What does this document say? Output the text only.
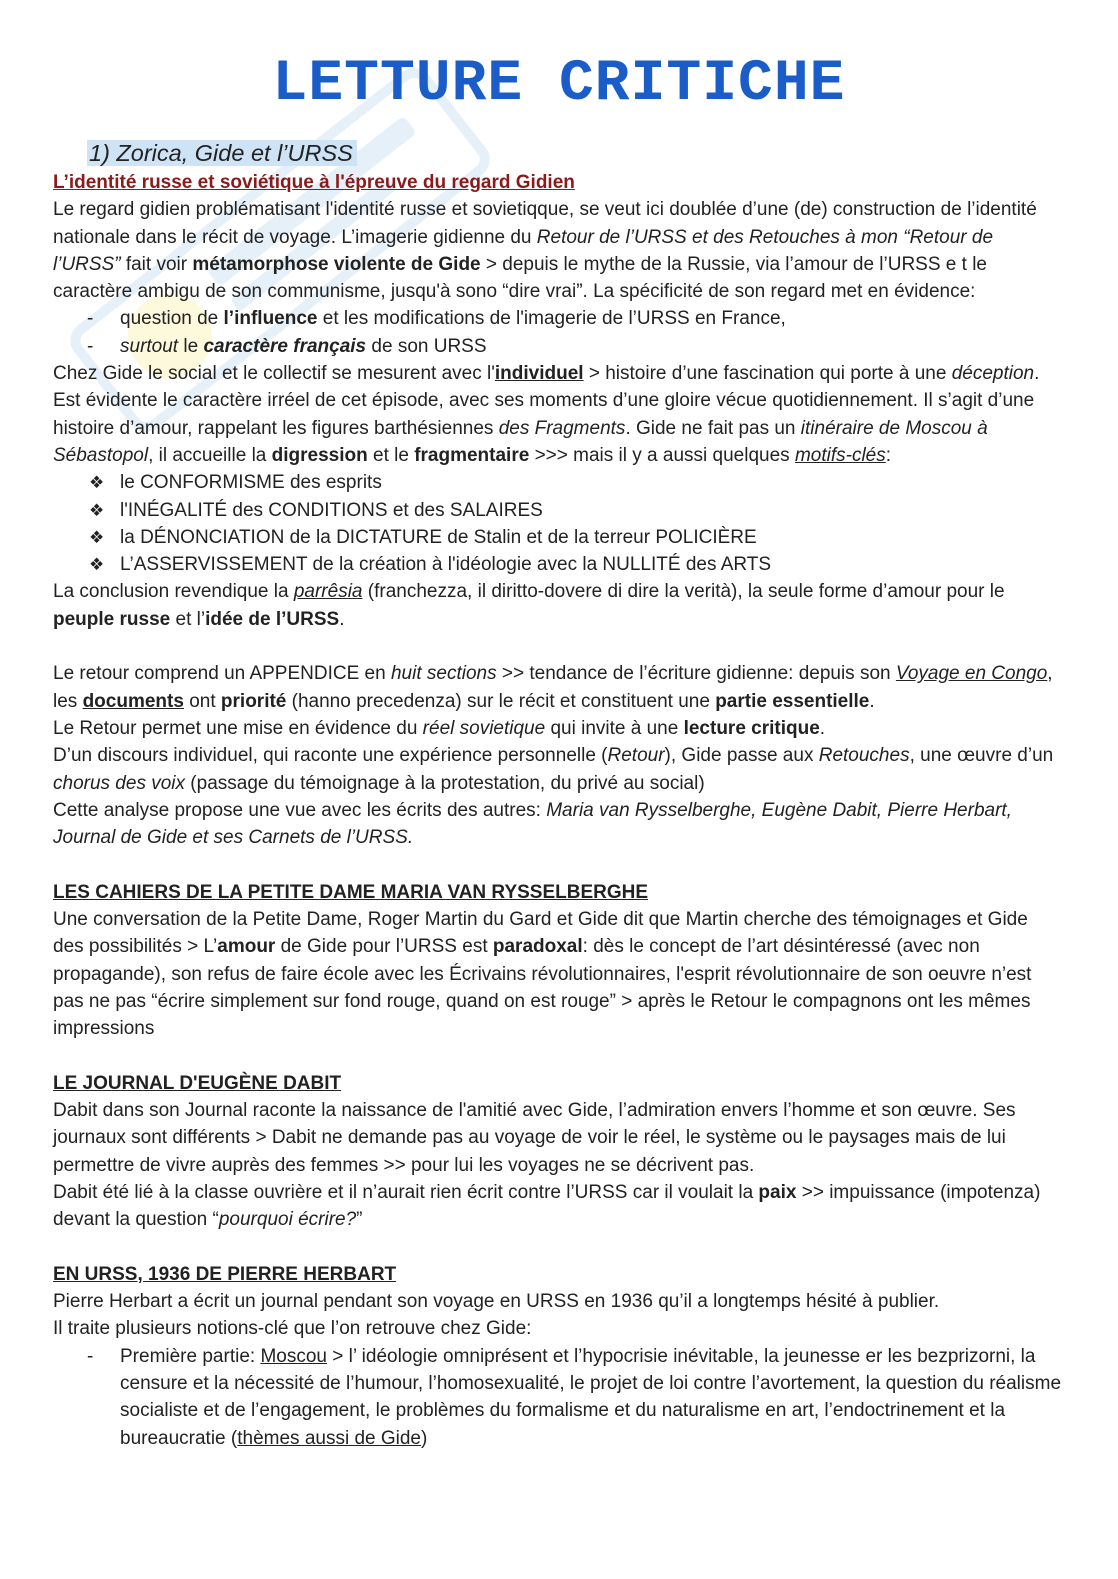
LETTURE CRITICHE
1) Zorica, Gide et l’URSS

L’identité russe et soviétique à l'épreuve du regard Gidien

Le regard gidien problématisant l'identité russe et sovietiqque, se veut ici doublée d’une (de) construction de l’identité nationale dans le récit de voyage. L’imagerie gidienne du Retour de l’URSS et des Retouches à mon “Retour de l’URSS” fait voir métamorphose violente de Gide > depuis le mythe de la Russie, via l’amour de l’URSS e t le caractère ambigu de son communisme, jusqu'à sono “dire vrai”. La spécificité de son regard met en évidence:

- question de l’influence et les modifications de l'imagerie de l’URSS en France,
- surtout le caractère français de son URSS

Chez Gide le social et le collectif se mesurent avec l'individuel > histoire d’une fascination qui porte à une déception.

Est évidente le caractère irréel de cet épisode, avec ses moments d’une gloire vécue quotidiennement. Il s’agit d’une histoire d’amour, rappelant les figures barthésiennes des Fragments. Gide ne fait pas un itinéraire de Moscou à Sébastopol, il accueille la digression et le fragmentaire >>> mais il y a aussi quelques motifs-clés:

❖ le CONFORMISME des esprits
❖ l'INÉGALITÉ des CONDITIONS et des SALAIRES
❖ la DÉNONCIATION de la DICTATURE de Stalin et de la terreur POLICIÈRE
❖ L’ASSERVISSEMENT de la création à l'idéologie avec la NULLITÉ des ARTS

La conclusion revendique la parrêsia (franchezza, il diritto-dovere di dire la verità), la seule forme d’amour pour le peuple russe et l’idée de l’URSS.

Le retour comprend un APPENDICE en huit sections >> tendance de l’écriture gidienne: depuis son Voyage en Congo, les documents ont priorité (hanno precedenza) sur le récit et constituent une partie essentielle.

Le Retour permet une mise en évidence du réel sovietique qui invite à une lecture critique.

D’un discours individuel, qui raconte une expérience personnelle (Retour), Gide passe aux Retouches, une œuvre d’un chorus des voix (passage du témoignage à la protestation, du privé au social)

Cette analyse propose une vue avec les écrits des autres: Maria van Rysselberghe, Eugène Dabit, Pierre Herbart, Journal de Gide et ses Carnets de l’URSS.

LES CAHIERS DE LA PETITE DAME MARIA VAN RYSSELBERGHE

Une conversation de la Petite Dame, Roger Martin du Gard et Gide dit que Martin cherche des témoignages et Gide des possibilités > L’amour de Gide pour l’URSS est paradoxal: dès le concept de l’art désintéressé (avec non propagande), son refus de faire école avec les Écrivains révolutionnaires, l'esprit révolutionnaire de son oeuvre n’est pas ne pas “écrire simplement sur fond rouge, quand on est rouge” > après le Retour le compagnons ont les mêmes impressions

LE JOURNAL D'EUGÈNE DABIT

Dabit dans son Journal raconte la naissance de l'amitié avec Gide, l’admiration envers l’homme et son œuvre. Ses journaux sont différents > Dabit ne demande pas au voyage de voir le réel, le système ou le paysages mais de lui permettre de vivre auprès des femmes >> pour lui les voyages ne se décrivent pas.

Dabit été lié à la classe ouvrière et il n’aurait rien écrit contre l’URSS car il voulait la paix >> impuissance (impotenza) devant la question “pourquoi écrire?”

EN URSS, 1936 DE PIERRE HERBART

Pierre Herbart a écrit un journal pendant son voyage en URSS en 1936 qu’il a longtemps hésité à publier.

Il traite plusieurs notions-clé que l’on retrouve chez Gide:

- Première partie: Moscou > l’ idéologie omniprésent et l’hypocrisie inévitable, la jeunesse er les bezprizorni, la censure et la nécessité de l’humour, l’homosexualité, le projet de loi contre l’avortement, la question du réalisme socialiste et de l’engagement, le problèmes du formalisme et du naturalisme en art, l’endoctrinement et la bureaucratie (thèmes aussi de Gide)
